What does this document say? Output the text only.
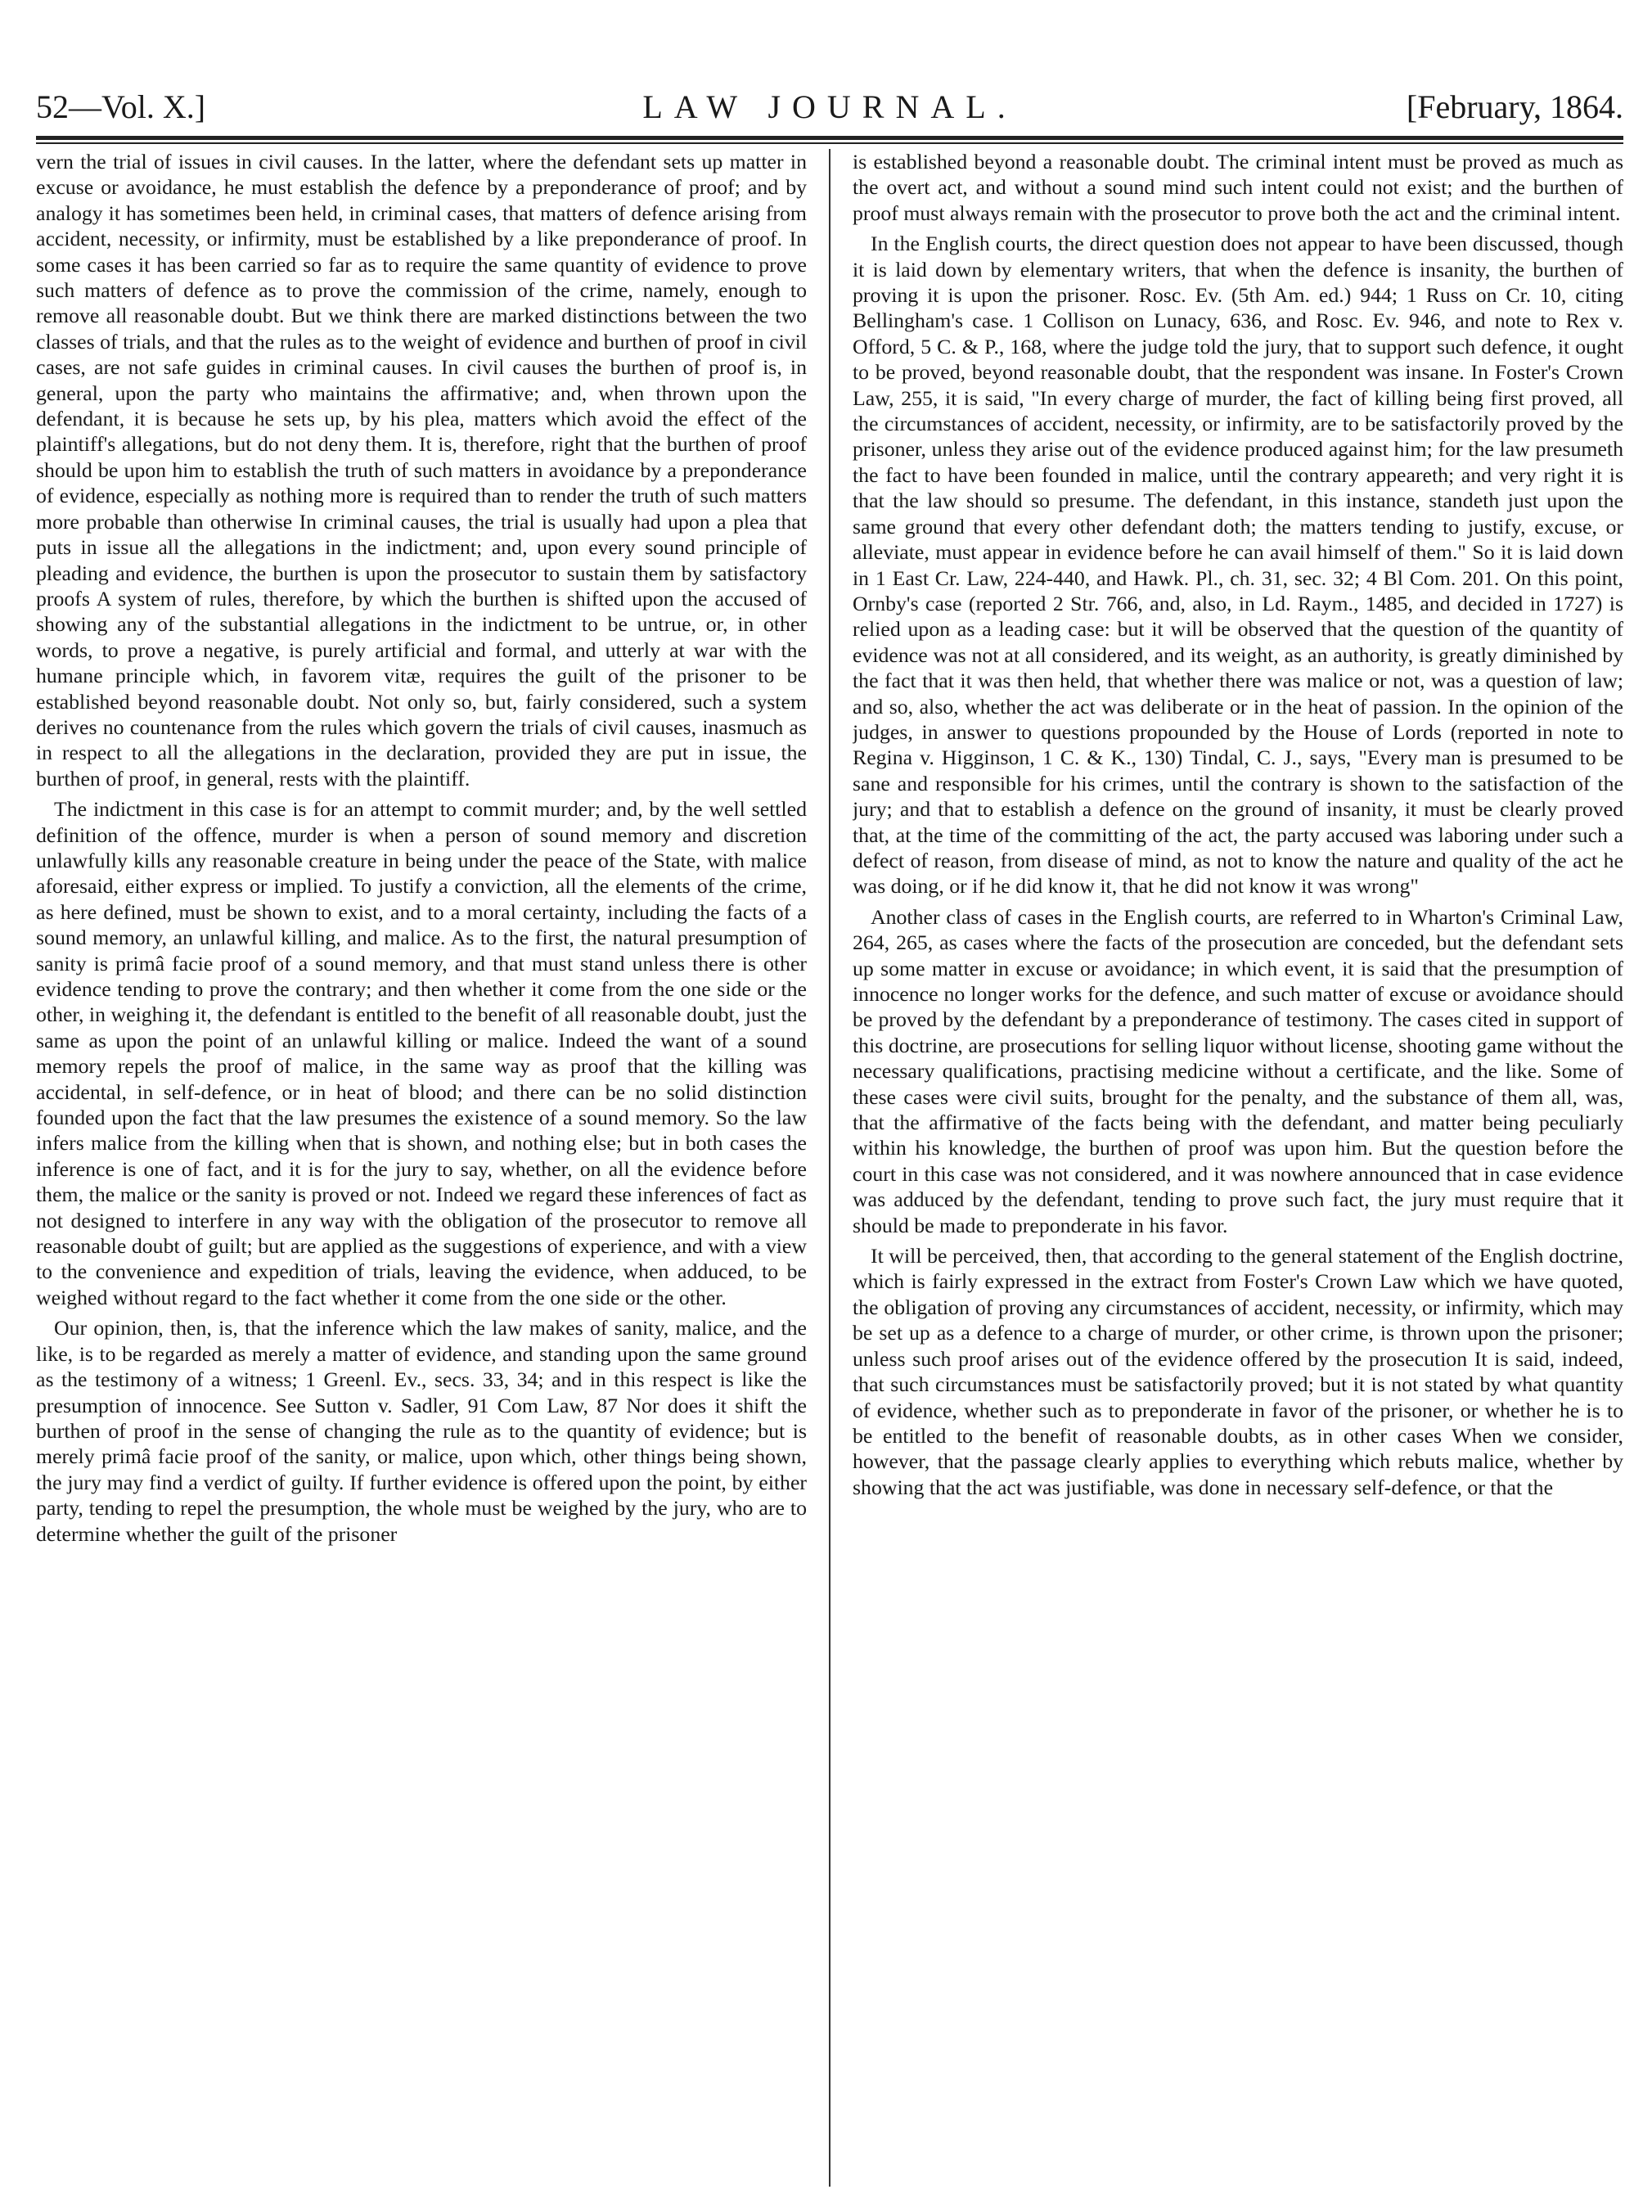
52—Vol. X.]	LAW JOURNAL.	[February, 1864.

vern the trial of issues in civil causes. In the latter, where the defendant sets up matter in excuse or avoidance, he must establish the defence by a preponderance of proof; and by analogy it has sometimes been held, in criminal cases, that matters of defence arising from accident, necessity, or infirmity, must be established by a like preponderance of proof. In some cases it has been carried so far as to require the same quantity of evidence to prove such matters of defence as to prove the commission of the crime, namely, enough to remove all reasonable doubt. But we think there are marked distinctions between the two classes of trials, and that the rules as to the weight of evidence and burthen of proof in civil cases, are not safe guides in criminal causes. In civil causes the burthen of proof is, in general, upon the party who maintains the affirmative; and, when thrown upon the defendant, it is because he sets up, by his plea, matters which avoid the effect of the plaintiff's allegations, but do not deny them. It is, therefore, right that the burthen of proof should be upon him to establish the truth of such matters in avoidance by a preponderance of evidence, especially as nothing more is required than to render the truth of such matters more probable than otherwise In criminal causes, the trial is usually had upon a plea that puts in issue all the allegations in the indictment; and, upon every sound principle of pleading and evidence, the burthen is upon the prosecutor to sustain them by satisfactory proofs A system of rules, therefore, by which the burthen is shifted upon the accused of showing any of the substantial allegations in the indictment to be untrue, or, in other words, to prove a negative, is purely artificial and formal, and utterly at war with the humane principle which, in favorem vitæ, requires the guilt of the prisoner to be established beyond reasonable doubt. Not only so, but, fairly considered, such a system derives no countenance from the rules which govern the trials of civil causes, inasmuch as in respect to all the allegations in the declaration, provided they are put in issue, the burthen of proof, in general, rests with the plaintiff.

The indictment in this case is for an attempt to commit murder; and, by the well settled definition of the offence, murder is when a person of sound memory and discretion unlawfully kills any reasonable creature in being under the peace of the State, with malice aforesaid, either express or implied. To justify a conviction, all the elements of the crime, as here defined, must be shown to exist, and to a moral certainty, including the facts of a sound memory, an unlawful killing, and malice. As to the first, the natural presumption of sanity is primâ facie proof of a sound memory, and that must stand unless there is other evidence tending to prove the contrary; and then whether it come from the one side or the other, in weighing it, the defendant is entitled to the benefit of all reasonable doubt, just the same as upon the point of an unlawful killing or malice. Indeed the want of a sound memory repels the proof of malice, in the same way as proof that the killing was accidental, in self-defence, or in heat of blood; and there can be no solid distinction founded upon the fact that the law presumes the existence of a sound memory. So the law infers malice from the killing when that is shown, and nothing else; but in both cases the inference is one of fact, and it is for the jury to say, whether, on all the evidence before them, the malice or the sanity is proved or not. Indeed we regard these inferences of fact as not designed to interfere in any way with the obligation of the prosecutor to remove all reasonable doubt of guilt; but are applied as the suggestions of experience, and with a view to the convenience and expedition of trials, leaving the evidence, when adduced, to be weighed without regard to the fact whether it come from the one side or the other.

Our opinion, then, is, that the inference which the law makes of sanity, malice, and the like, is to be regarded as merely a matter of evidence, and standing upon the same ground as the testimony of a witness; 1 Greenl. Ev., secs. 33, 34; and in this respect is like the presumption of innocence. See Sutton v. Sadler, 91 Com Law, 87 Nor does it shift the burthen of proof in the sense of changing the rule as to the quantity of evidence; but is merely primâ facie proof of the sanity, or malice, upon which, other things being shown, the jury may find a verdict of guilty. If further evidence is offered upon the point, by either party, tending to repel the presumption, the whole must be weighed by the jury, who are to determine whether the guilt of the prisoner

is established beyond a reasonable doubt. The criminal intent must be proved as much as the overt act, and without a sound mind such intent could not exist; and the burthen of proof must always remain with the prosecutor to prove both the act and the criminal intent.

In the English courts, the direct question does not appear to have been discussed, though it is laid down by elementary writers, that when the defence is insanity, the burthen of proving it is upon the prisoner. Rosc. Ev. (5th Am. ed.) 944; 1 Russ on Cr. 10, citing Bellingham's case. 1 Collison on Lunacy, 636, and Rosc. Ev. 946, and note to Rex v. Offord, 5 C. & P., 168, where the judge told the jury, that to support such defence, it ought to be proved, beyond reasonable doubt, that the respondent was insane. In Foster's Crown Law, 255, it is said, "In every charge of murder, the fact of killing being first proved, all the circumstances of accident, necessity, or infirmity, are to be satisfactorily proved by the prisoner, unless they arise out of the evidence produced against him; for the law presumeth the fact to have been founded in malice, until the contrary appeareth; and very right it is that the law should so presume. The defendant, in this instance, standeth just upon the same ground that every other defendant doth; the matters tending to justify, excuse, or alleviate, must appear in evidence before he can avail himself of them." So it is laid down in 1 East Cr. Law, 224-440, and Hawk. Pl., ch. 31, sec. 32; 4 Bl Com. 201. On this point, Ornby's case (reported 2 Str. 766, and, also, in Ld. Raym., 1485, and decided in 1727) is relied upon as a leading case: but it will be observed that the question of the quantity of evidence was not at all considered, and its weight, as an authority, is greatly diminished by the fact that it was then held, that whether there was malice or not, was a question of law; and so, also, whether the act was deliberate or in the heat of passion. In the opinion of the judges, in answer to questions propounded by the House of Lords (reported in note to Regina v. Higginson, 1 C. & K., 130) Tindal, C. J., says, "Every man is presumed to be sane and responsible for his crimes, until the contrary is shown to the satisfaction of the jury; and that to establish a defence on the ground of insanity, it must be clearly proved that, at the time of the committing of the act, the party accused was laboring under such a defect of reason, from disease of mind, as not to know the nature and quality of the act he was doing, or if he did know it, that he did not know it was wrong"

Another class of cases in the English courts, are referred to in Wharton's Criminal Law, 264, 265, as cases where the facts of the prosecution are conceded, but the defendant sets up some matter in excuse or avoidance; in which event, it is said that the presumption of innocence no longer works for the defence, and such matter of excuse or avoidance should be proved by the defendant by a preponderance of testimony. The cases cited in support of this doctrine, are prosecutions for selling liquor without license, shooting game without the necessary qualifications, practising medicine without a certificate, and the like. Some of these cases were civil suits, brought for the penalty, and the substance of them all, was, that the affirmative of the facts being with the defendant, and matter being peculiarly within his knowledge, the burthen of proof was upon him. But the question before the court in this case was not considered, and it was nowhere announced that in case evidence was adduced by the defendant, tending to prove such fact, the jury must require that it should be made to preponderate in his favor.

It will be perceived, then, that according to the general statement of the English doctrine, which is fairly expressed in the extract from Foster's Crown Law which we have quoted, the obligation of proving any circumstances of accident, necessity, or infirmity, which may be set up as a defence to a charge of murder, or other crime, is thrown upon the prisoner; unless such proof arises out of the evidence offered by the prosecution It is said, indeed, that such circumstances must be satisfactorily proved; but it is not stated by what quantity of evidence, whether such as to preponderate in favor of the prisoner, or whether he is to be entitled to the benefit of reasonable doubts, as in other cases When we consider, however, that the passage clearly applies to everything which rebuts malice, whether by showing that the act was justifiable, was done in necessary self-defence, or that the
